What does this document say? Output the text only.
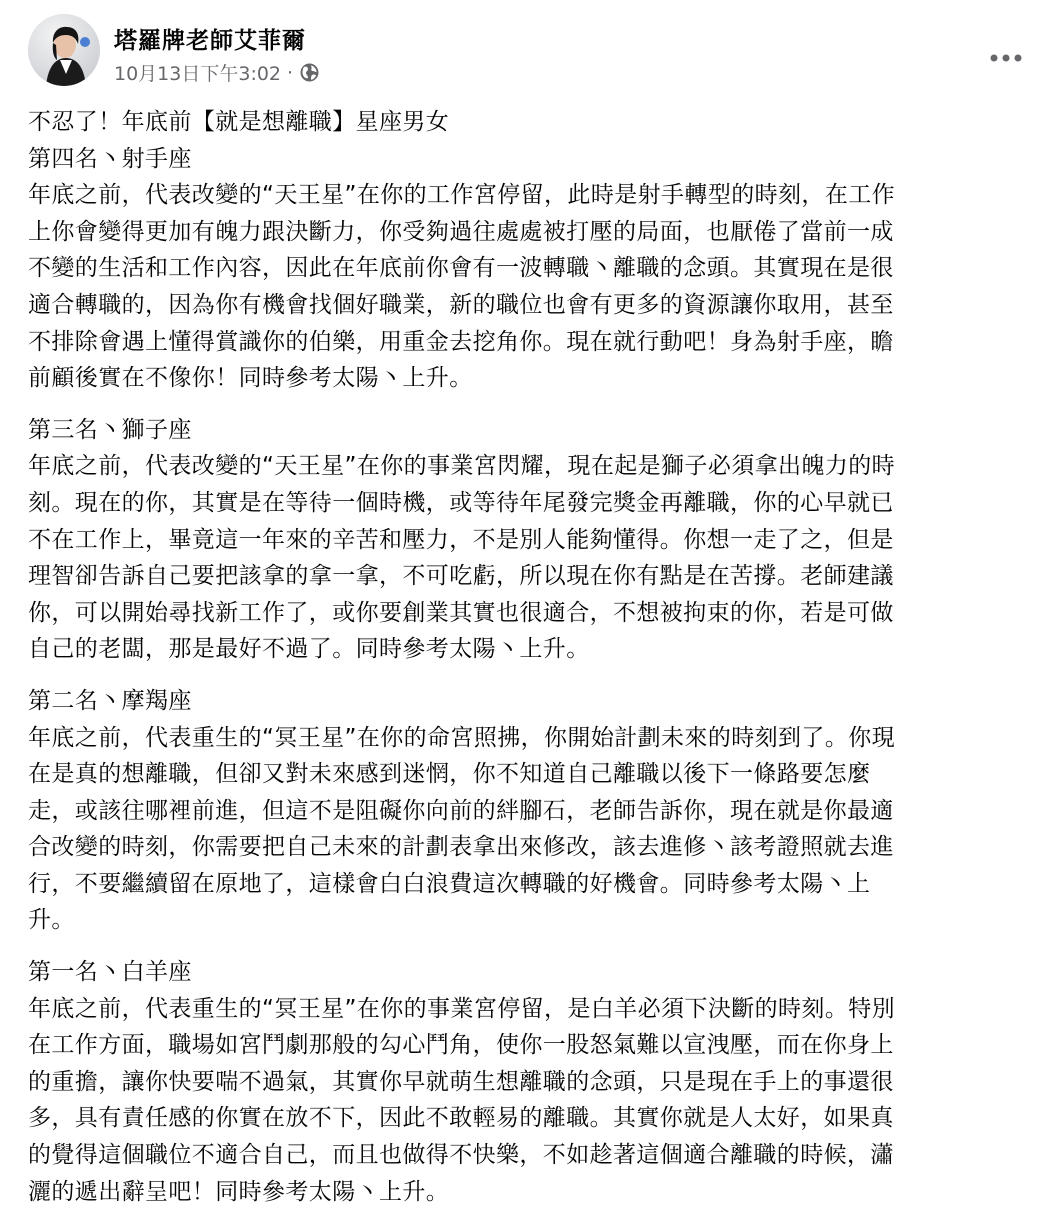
塔羅牌老師艾菲爾
10月13日下午3:02 ·
不忍了！年底前【就是想離職】星座男女
第四名丶射手座
年底之前，代表改變的“天王星”在你的工作宮停留，此時是射手轉型的時刻，在工作
上你會變得更加有魄力跟決斷力，你受夠過往處處被打壓的局面，也厭倦了當前一成
不變的生活和工作內容，因此在年底前你會有一波轉職丶離職的念頭。其實現在是很
適合轉職的，因為你有機會找個好職業，新的職位也會有更多的資源讓你取用，甚至
不排除會遇上懂得賞識你的伯樂，用重金去挖角你。現在就行動吧！身為射手座，瞻
前顧後實在不像你！同時參考太陽丶上升。
第三名丶獅子座
年底之前，代表改變的“天王星”在你的事業宮閃耀，現在起是獅子必須拿出魄力的時
刻。現在的你，其實是在等待一個時機，或等待年尾發完獎金再離職，你的心早就已
不在工作上，畢竟這一年來的辛苦和壓力，不是別人能夠懂得。你想一走了之，但是
理智卻告訴自己要把該拿的拿一拿，不可吃虧，所以現在你有點是在苦撐。老師建議
你，可以開始尋找新工作了，或你要創業其實也很適合，不想被拘束的你，若是可做
自己的老闆，那是最好不過了。同時參考太陽丶上升。
第二名丶摩羯座
年底之前，代表重生的“冥王星”在你的命宮照拂，你開始計劃未來的時刻到了。你現
在是真的想離職，但卻又對未來感到迷惘，你不知道自己離職以後下一條路要怎麼
走，或該往哪裡前進，但這不是阻礙你向前的絆腳石，老師告訴你，現在就是你最適
合改變的時刻，你需要把自己未來的計劃表拿出來修改，該去進修丶該考證照就去進
行，不要繼續留在原地了，這樣會白白浪費這次轉職的好機會。同時參考太陽丶上
升。
第一名丶白羊座
年底之前，代表重生的“冥王星”在你的事業宮停留，是白羊必須下決斷的時刻。特別
在工作方面，職場如宮鬥劇那般的勾心鬥角，使你一股怒氣難以宣洩壓，而在你身上
的重擔，讓你快要喘不過氣，其實你早就萌生想離職的念頭，只是現在手上的事還很
多，具有責任感的你實在放不下，因此不敢輕易的離職。其實你就是人太好，如果真
的覺得這個職位不適合自己，而且也做得不快樂，不如趁著這個適合離職的時候，瀟
灑的遞出辭呈吧！同時參考太陽丶上升。
